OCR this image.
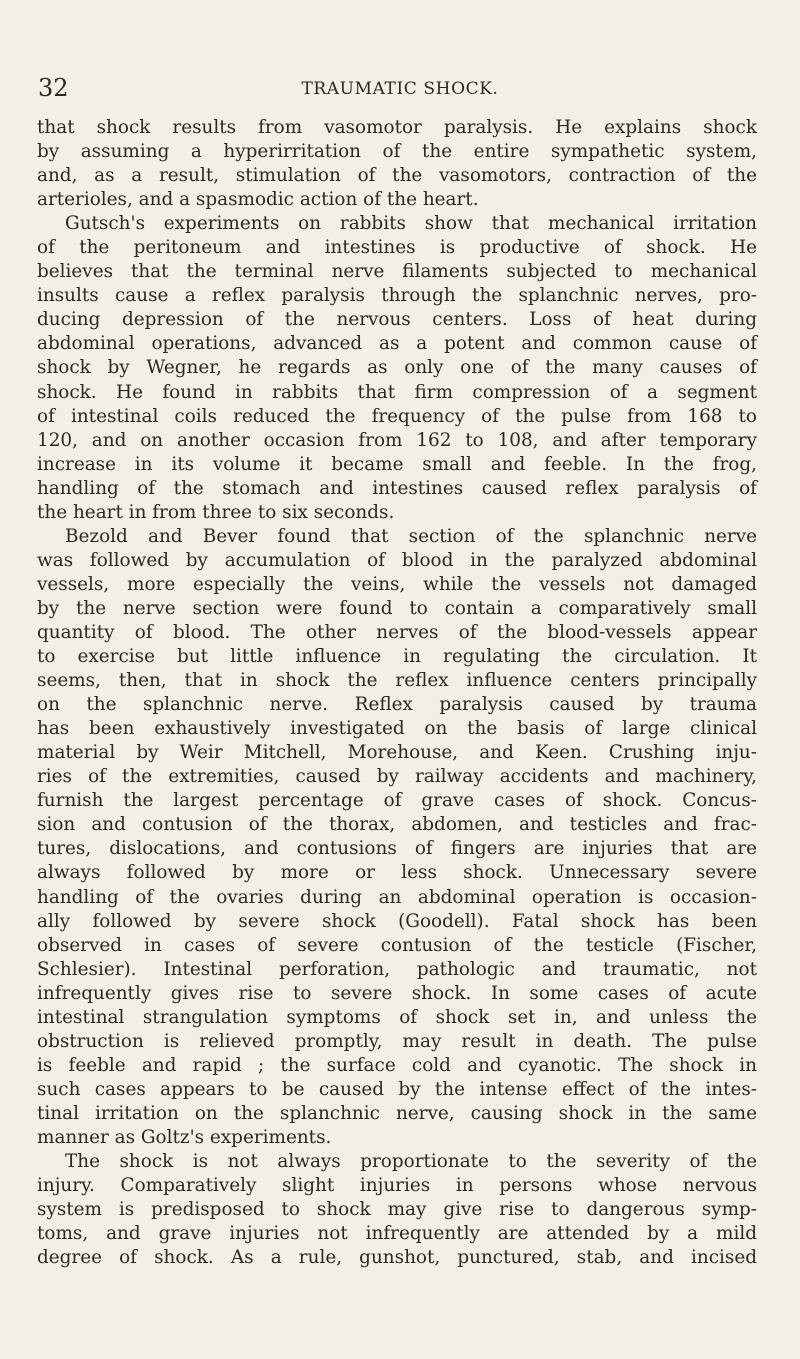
32	TRAUMATIC SHOCK.
that shock results from vasomotor paralysis. He explains shock
by assuming a hyperirritation of the entire sympathetic system,
and, as a result, stimulation of the vasomotors, contraction of the
arterioles, and a spasmodic action of the heart.
Gutsch's experiments on rabbits show that mechanical irritation
of the peritoneum and intestines is productive of shock. He
believes that the terminal nerve filaments subjected to mechanical
insults cause a reflex paralysis through the splanchnic nerves, pro-
ducing depression of the nervous centers. Loss of heat during
abdominal operations, advanced as a potent and common cause of
shock by Wegner, he regards as only one of the many causes of
shock. He found in rabbits that firm compression of a segment
of intestinal coils reduced the frequency of the pulse from 168 to
120, and on another occasion from 162 to 108, and after temporary
increase in its volume it became small and feeble. In the frog,
handling of the stomach and intestines caused reflex paralysis of
the heart in from three to six seconds.
Bezold and Bever found that section of the splanchnic nerve
was followed by accumulation of blood in the paralyzed abdominal
vessels, more especially the veins, while the vessels not damaged
by the nerve section were found to contain a comparatively small
quantity of blood. The other nerves of the blood-vessels appear
to exercise but little influence in regulating the circulation. It
seems, then, that in shock the reflex influence centers principally
on the splanchnic nerve. Reflex paralysis caused by trauma
has been exhaustively investigated on the basis of large clinical
material by Weir Mitchell, Morehouse, and Keen. Crushing inju-
ries of the extremities, caused by railway accidents and machinery,
furnish the largest percentage of grave cases of shock. Concus-
sion and contusion of the thorax, abdomen, and testicles and frac-
tures, dislocations, and contusions of fingers are injuries that are
always followed by more or less shock. Unnecessary severe
handling of the ovaries during an abdominal operation is occasion-
ally followed by severe shock (Goodell). Fatal shock has been
observed in cases of severe contusion of the testicle (Fischer,
Schlesier). Intestinal perforation, pathologic and traumatic, not
infrequently gives rise to severe shock. In some cases of acute
intestinal strangulation symptoms of shock set in, and unless the
obstruction is relieved promptly, may result in death. The pulse
is feeble and rapid ; the surface cold and cyanotic. The shock in
such cases appears to be caused by the intense effect of the intes-
tinal irritation on the splanchnic nerve, causing shock in the same
manner as Goltz's experiments.
The shock is not always proportionate to the severity of the
injury. Comparatively slight injuries in persons whose nervous
system is predisposed to shock may give rise to dangerous symp-
toms, and grave injuries not infrequently are attended by a mild
degree of shock. As a rule, gunshot, punctured, stab, and incised
